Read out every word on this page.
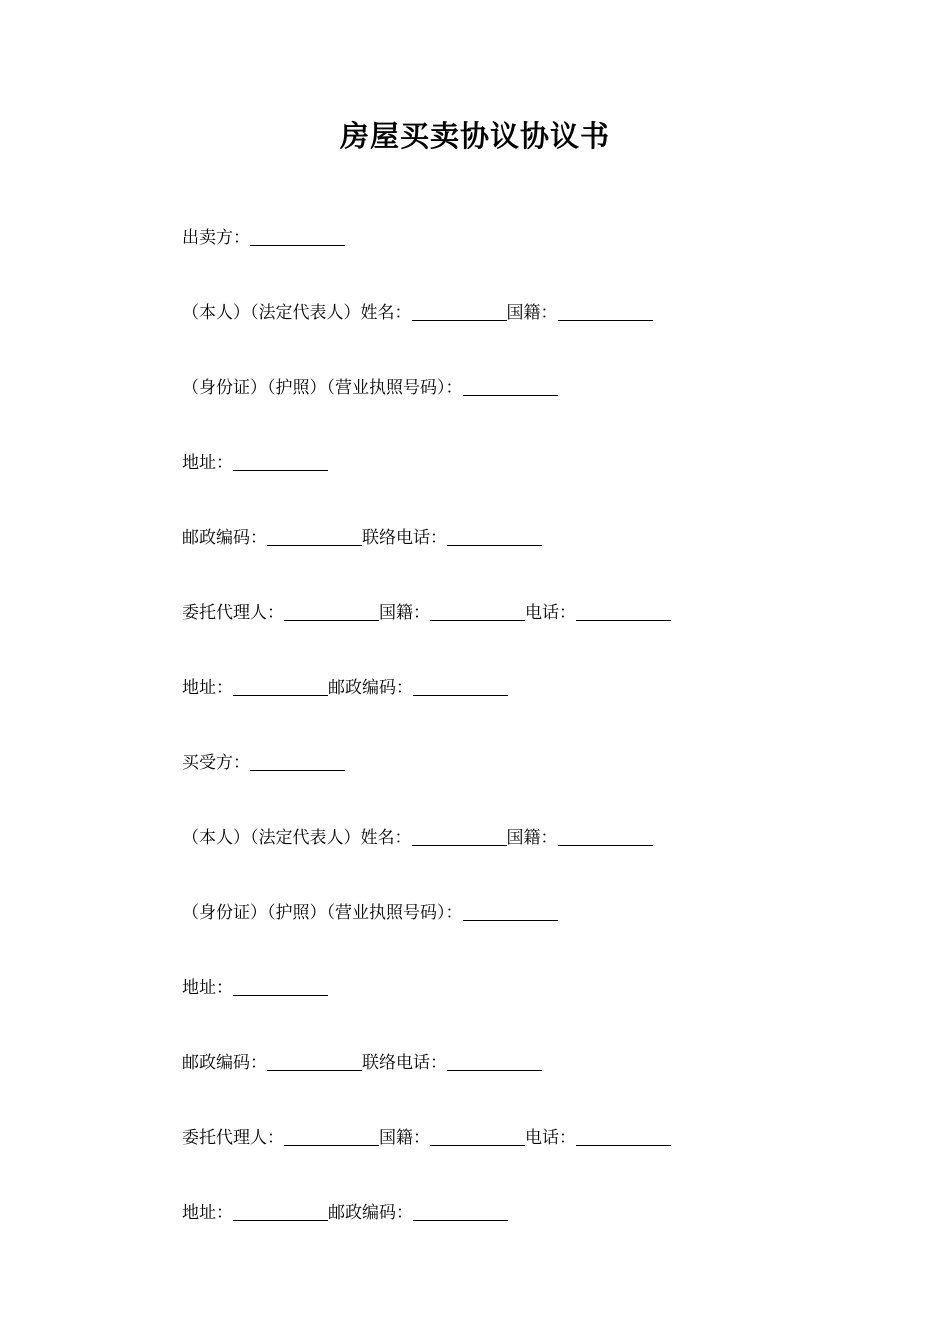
房屋买卖协议协议书
出卖方：
（本人）（法定代表人）姓名：	国籍：
（身份证）（护照）（营业执照号码）：
地址：
邮政编码：	联络电话：
委托代理人：	国籍：	电话：
地址：	邮政编码：
买受方：
（本人）（法定代表人）姓名：	国籍：
（身份证）（护照）（营业执照号码）：
地址：
邮政编码：	联络电话：
委托代理人：	国籍：	电话：
地址：	邮政编码：
